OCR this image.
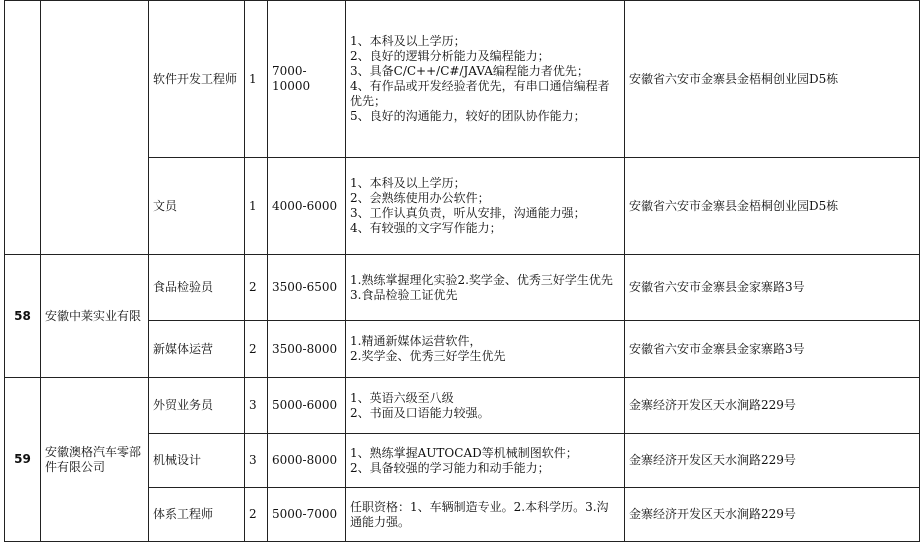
		软件开发工程师	1	7000-10000	1、本科及以上学历；
2、良好的逻辑分析能力及编程能力；
3、具备C/C++/C#/JAVA编程能力者优先；
4、有作品或开发经验者优先，有串口通信编程者优先；
5、良好的沟通能力，较好的团队协作能力；	安徽省六安市金寨县金梧桐创业园D5栋
		文员	1	4000-6000	1、本科及以上学历；
2、会熟练使用办公软件；
3、工作认真负责，听从安排，沟通能力强；
4、有较强的文字写作能力；	安徽省六安市金寨县金梧桐创业园D5栋
58	安徽中莱实业有限	食品检验员	2	3500-6500	1.熟练掌握理化实验2.奖学金、优秀三好学生优先3.食品检验工证优先	安徽省六安市金寨县金家寨路3号
		新媒体运营	2	3500-8000	1.精通新媒体运营软件，
2.奖学金、优秀三好学生优先	安徽省六安市金寨县金家寨路3号
59	安徽澳格汽车零部件有限公司	外贸业务员	3	5000-6000	1、英语六级至八级
2、书面及口语能力较强。	金寨经济开发区天水涧路229号
		机械设计	3	6000-8000	1、熟练掌握AUTOCAD等机械制图软件；
2、具备较强的学习能力和动手能力；	金寨经济开发区天水涧路229号
		体系工程师	2	5000-7000	任职资格：1、车辆制造专业。2.本科学历。3.沟通能力强。	金寨经济开发区天水涧路229号
